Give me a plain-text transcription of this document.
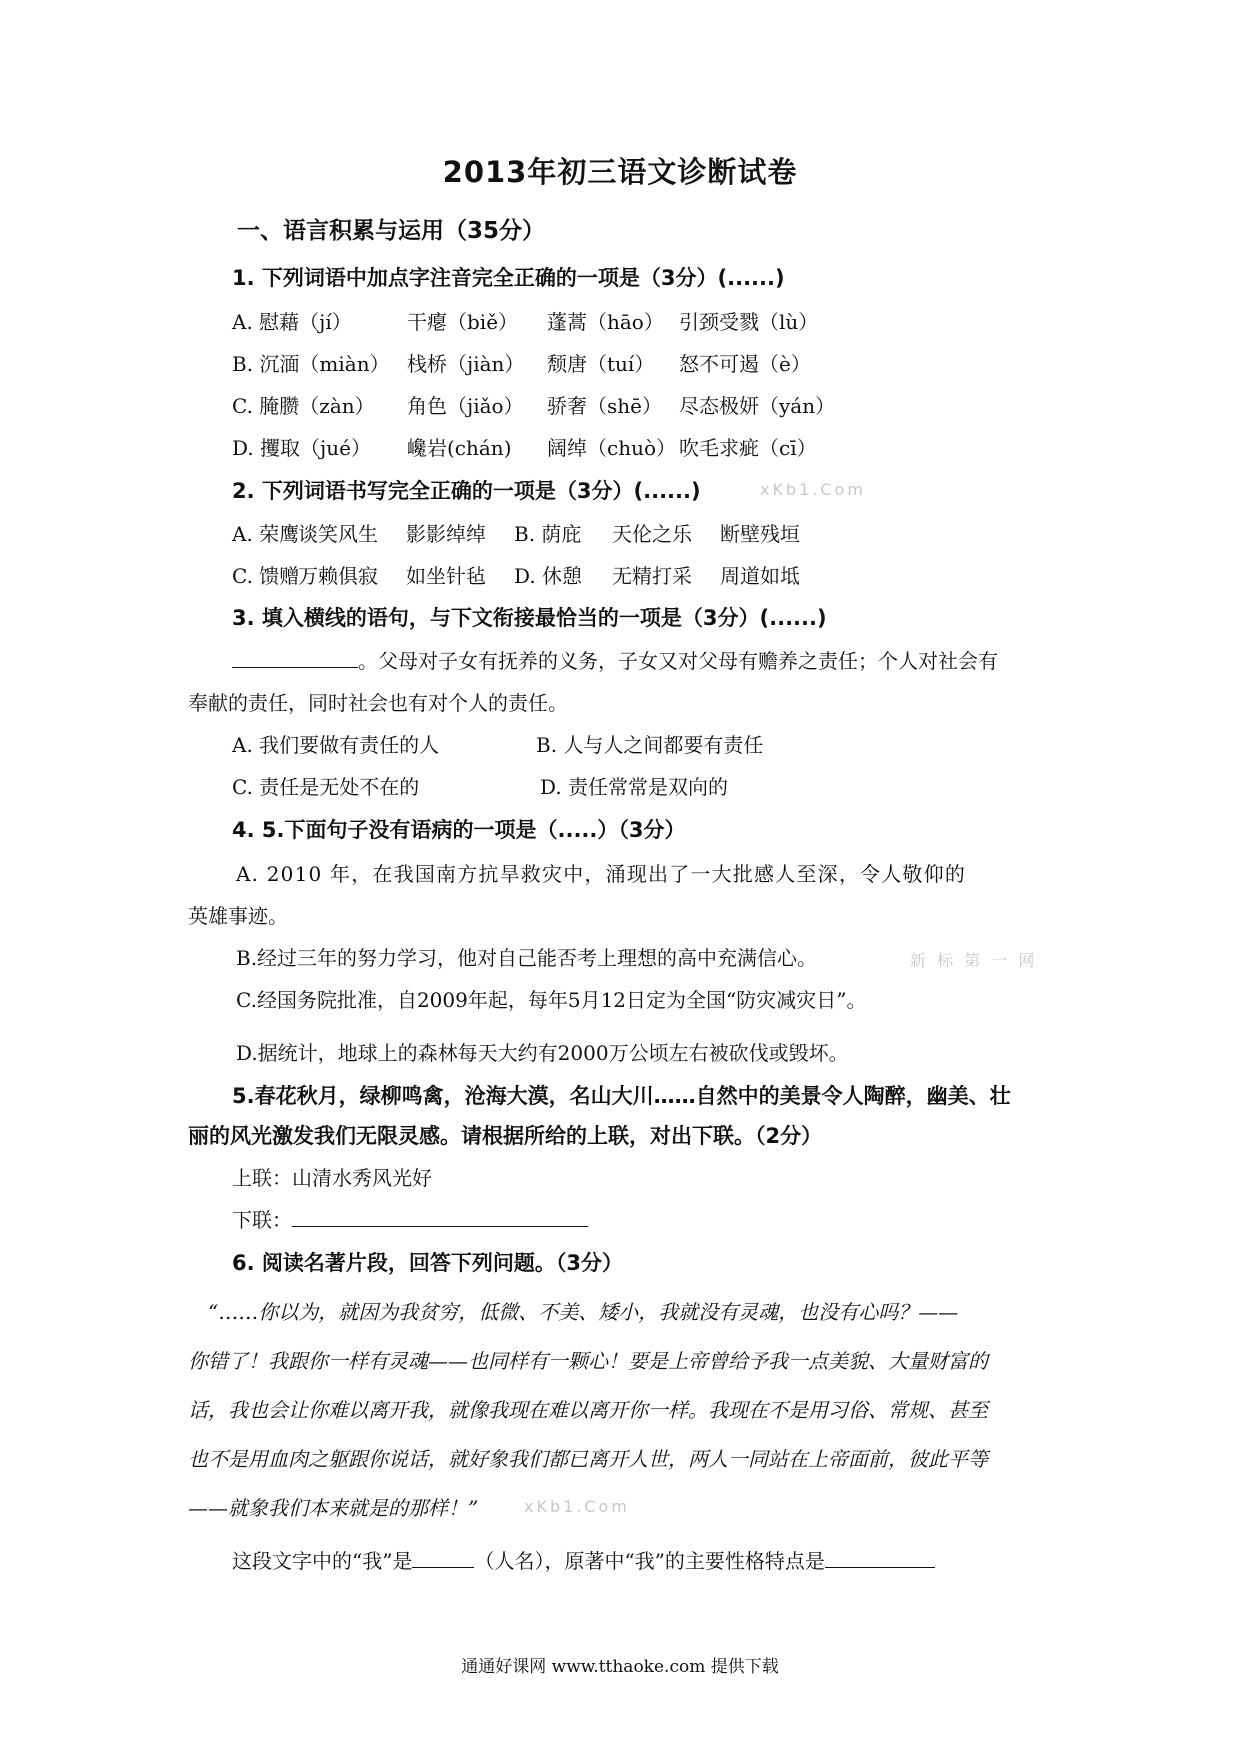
2013年初三语文诊断试卷
一、语言积累与运用（35分）
1. 下列词语中加点字注音完全正确的一项是（3分）(......)
A. 慰藉（jí）	干瘪（biě） 蓬蒿（hāo） 引颈受戮（lù）
B. 沉湎（miàn） 栈桥（jiàn） 颓唐（tuí） 怒不可遏（è）
C. 腌臜（zàn） 角色（jiǎo） 骄奢（shē） 尽态极妍（yán）
D. 攫取（jué） 巉岩(chán) 阔绰（chuò） 吹毛求疵（cī）
2. 下列词语书写完全正确的一项是（3分）(......)	xKb1.Com
A. 荣鹰谈笑风生 影影绰绰 B. 荫庇 天伦之乐 断壁残垣
C. 馈赠万赖俱寂 如坐针毡 D. 休憩 无精打采 周道如坻
3. 填入横线的语句，与下文衔接最恰当的一项是（3分）(......)
。父母对子女有抚养的义务，子女又对父母有赡养之责任；个人对社会有
奉献的责任，同时社会也有对个人的责任。
A. 我们要做有责任的人	B. 人与人之间都要有责任
C. 责任是无处不在的	D. 责任常常是双向的
4. 5.下面句子没有语病的一项是（.....）（3分）
A. 2010 年，在我国南方抗旱救灾中，涌现出了一大批感人至深，令人敬仰的
英雄事迹。
B.经过三年的努力学习，他对自己能否考上理想的高中充满信心。	新 标 第 一 网
C.经国务院批准，自2009年起，每年5月12日定为全国“防灾减灾日”。
D.据统计，地球上的森林每天大约有2000万公顷左右被砍伐或毁坏。
5.春花秋月，绿柳鸣禽，沧海大漠，名山大川……自然中的美景令人陶醉，幽美、壮
丽的风光激发我们无限灵感。请根据所给的上联，对出下联。（2分）
上联：山清水秀风光好
下联：
6. 阅读名著片段，回答下列问题。（3分）
“……你以为，就因为我贫穷，低微、不美、矮小，我就没有灵魂，也没有心吗？——
你错了！我跟你一样有灵魂——也同样有一颗心！要是上帝曾给予我一点美貌、大量财富的
话，我也会让你难以离开我，就像我现在难以离开你一样。我现在不是用习俗、常规、甚至
也不是用血肉之躯跟你说话，就好象我们都已离开人世，两人一同站在上帝面前，彼此平等
——就象我们本来就是的那样！”	xKb1.Com
这段文字中的“我”是	（人名），原著中“我”的主要性格特点是
通通好课网 www.tthaoke.com 提供下载
